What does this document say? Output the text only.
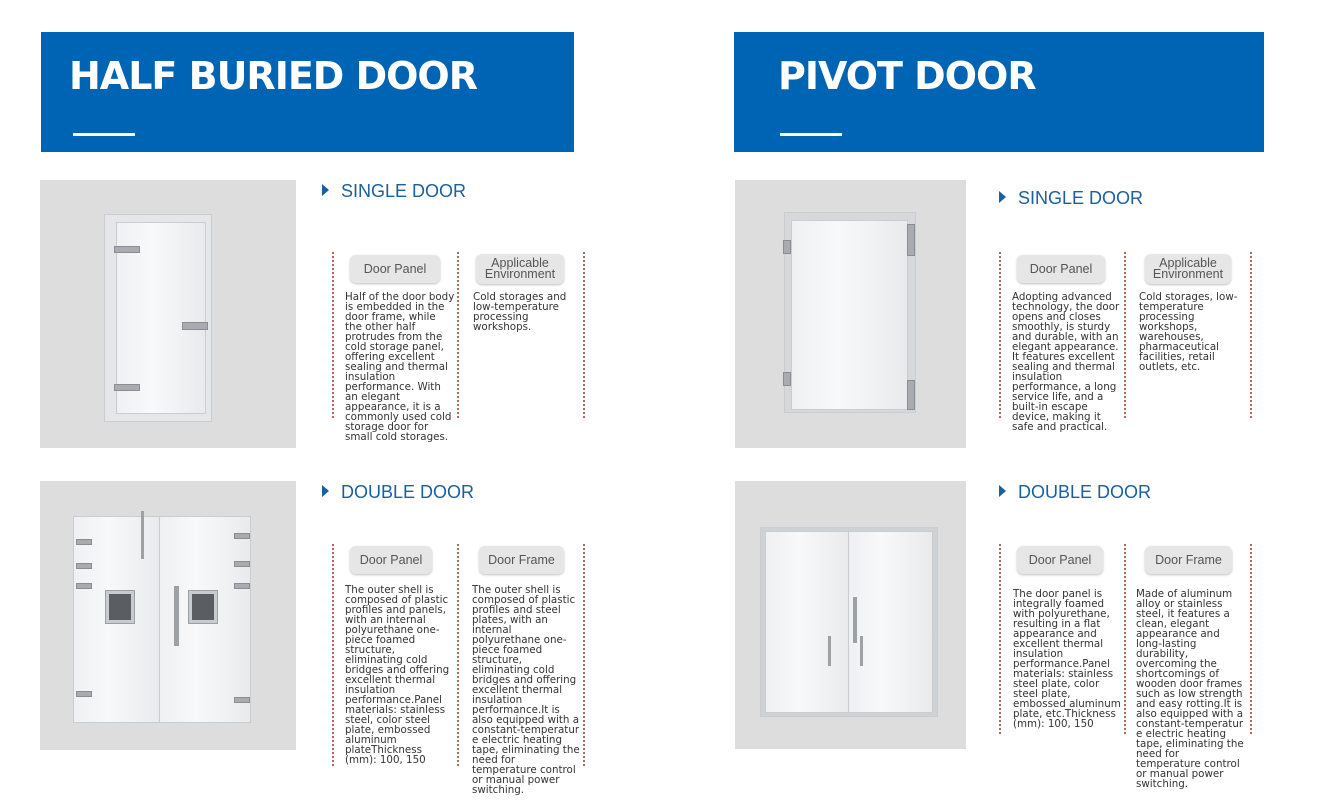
HALF BURIED DOOR	PIVOT DOOR
SINGLE DOOR
Door Panel	Applicable Environment
Half of the door body is embedded in the door frame, while the other half protrudes from the cold storage panel, offering excellent sealing and thermal insulation performance. With an elegant appearance, it is a commonly used cold storage door for small cold storages.
Cold storages and low-temperature processing workshops.
DOUBLE DOOR
Door Panel	Door Frame
The outer shell is composed of plastic profiles and panels, with an internal polyurethane one-piece foamed structure, eliminating cold bridges and offering excellent thermal insulation performance.Panel materials: stainless steel, color steel plate, embossed aluminum plateThickness (mm): 100, 150
The outer shell is composed of plastic profiles and steel plates, with an internal polyurethane one-piece foamed structure, eliminating cold bridges and offering excellent thermal insulation performance.It is also equipped with a constant-temperatur e electric heating tape, eliminating the need for temperature control or manual power switching.
SINGLE DOOR
Door Panel	Applicable Environment
Adopting advanced technology, the door opens and closes smoothly, is sturdy and durable, with an elegant appearance. It features excellent sealing and thermal insulation performance, a long service life, and a built-in escape device, making it safe and practical.
Cold storages, low-temperature processing workshops, warehouses, pharmaceutical facilities, retail outlets, etc.
DOUBLE DOOR
Door Panel	Door Frame
The door panel is integrally foamed with polyurethane, resulting in a flat appearance and excellent thermal insulation performance.Panel materials: stainless steel plate, color steel plate, embossed aluminum plate, etc.Thickness (mm): 100, 150
Made of aluminum alloy or stainless steel, it features a clean, elegant appearance and long-lasting durability, overcoming the shortcomings of wooden door frames such as low strength and easy rotting.It is also equipped with a constant-temperatur e electric heating tape, eliminating the need for temperature control or manual power switching.
